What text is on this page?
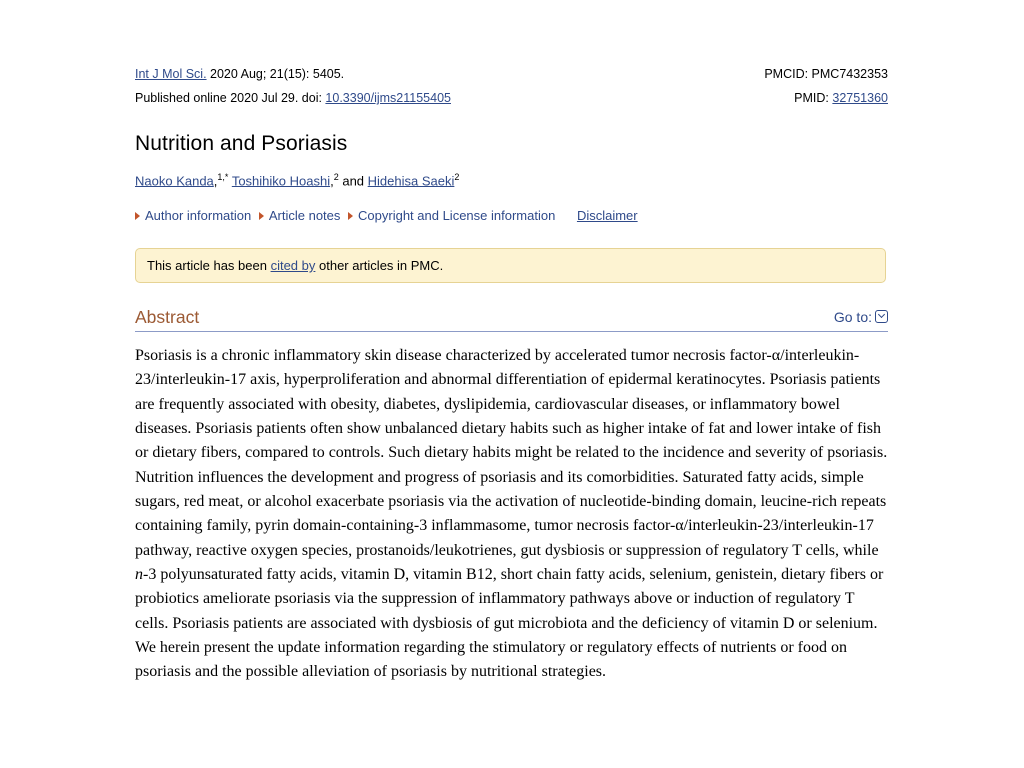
Int J Mol Sci. 2020 Aug; 21(15): 5405.
Published online 2020 Jul 29. doi: 10.3390/ijms21155405
PMCID: PMC7432353
PMID: 32751360
Nutrition and Psoriasis
Naoko Kanda,$^{1,*}$ Toshihiko Hoashi,$^2$ and Hidehisa Saeki$^2$
Author information Article notes Copyright and License information Disclaimer
This article has been cited by other articles in PMC.
Abstract	Go to:
Psoriasis is a chronic inflammatory skin disease characterized by accelerated tumor necrosis factor-α/interleukin-23/interleukin-17 axis, hyperproliferation and abnormal differentiation of epidermal keratinocytes. Psoriasis patients are frequently associated with obesity, diabetes, dyslipidemia, cardiovascular diseases, or inflammatory bowel diseases. Psoriasis patients often show unbalanced dietary habits such as higher intake of fat and lower intake of fish or dietary fibers, compared to controls. Such dietary habits might be related to the incidence and severity of psoriasis. Nutrition influences the development and progress of psoriasis and its comorbidities. Saturated fatty acids, simple sugars, red meat, or alcohol exacerbate psoriasis via the activation of nucleotide-binding domain, leucine-rich repeats containing family, pyrin domain-containing-3 inflammasome, tumor necrosis factor-α/interleukin-23/interleukin-17 pathway, reactive oxygen species, prostanoids/leukotrienes, gut dysbiosis or suppression of regulatory T cells, while n-3 polyunsaturated fatty acids, vitamin D, vitamin B12, short chain fatty acids, selenium, genistein, dietary fibers or probiotics ameliorate psoriasis via the suppression of inflammatory pathways above or induction of regulatory T cells. Psoriasis patients are associated with dysbiosis of gut microbiota and the deficiency of vitamin D or selenium. We herein present the update information regarding the stimulatory or regulatory effects of nutrients or food on psoriasis and the possible alleviation of psoriasis by nutritional strategies.
